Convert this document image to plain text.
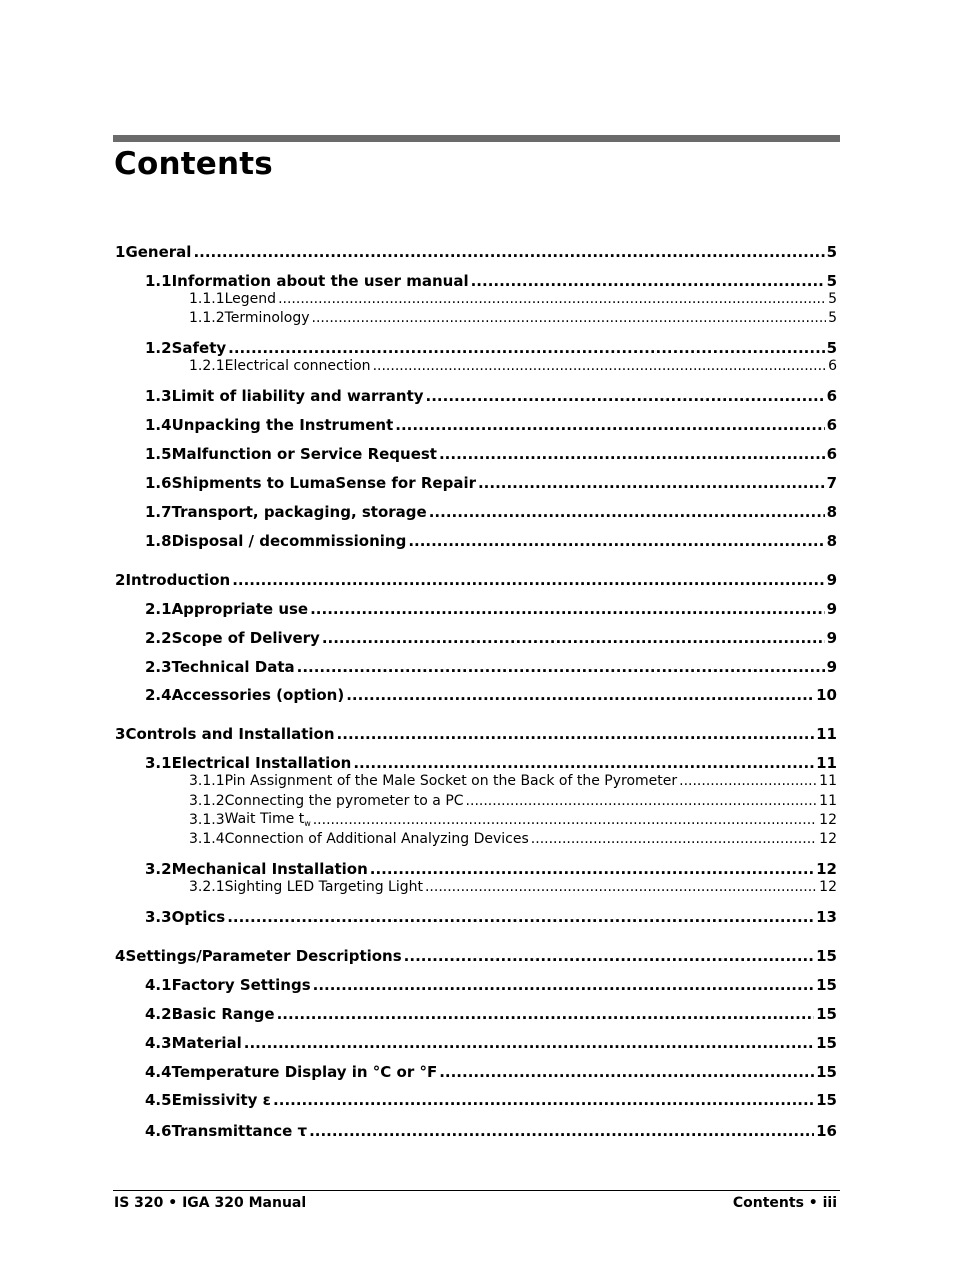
Contents
1 General .....	5
1.1 Information about the user manual .....	5
1.1.1 Legend .....	5
1.1.2 Terminology .....	5
1.2 Safety .....	5
1.2.1 Electrical connection .....	6
1.3 Limit of liability and warranty .....	6
1.4 Unpacking the Instrument .....	6
1.5 Malfunction or Service Request .....	6
1.6 Shipments to LumaSense for Repair .....	7
1.7 Transport, packaging, storage .....	8
1.8 Disposal / decommissioning .....	8
2 Introduction .....	9
2.1 Appropriate use .....	9
2.2 Scope of Delivery .....	9
2.3 Technical Data .....	9
2.4 Accessories (option) .....	10
3 Controls and Installation .....	11
3.1 Electrical Installation .....	11
3.1.1 Pin Assignment of the Male Socket on the Back of the Pyrometer .....	11
3.1.2 Connecting the pyrometer to a PC .....	11
3.1.3 Wait Time $t_w$ .....	12
3.1.4 Connection of Additional Analyzing Devices .....	12
3.2 Mechanical Installation .....	12
3.2.1 Sighting LED Targeting Light .....	12
3.3 Optics .....	13
4 Settings/Parameter Descriptions .....	15
4.1 Factory Settings .....	15
4.2 Basic Range .....	15
4.3 Material .....	15
4.4 Temperature Display in °C or °F .....	15
4.5 Emissivity ε .....	15
4.6 Transmittance τ .....	16
IS 320 • IGA 320 Manual	Contents • iii
